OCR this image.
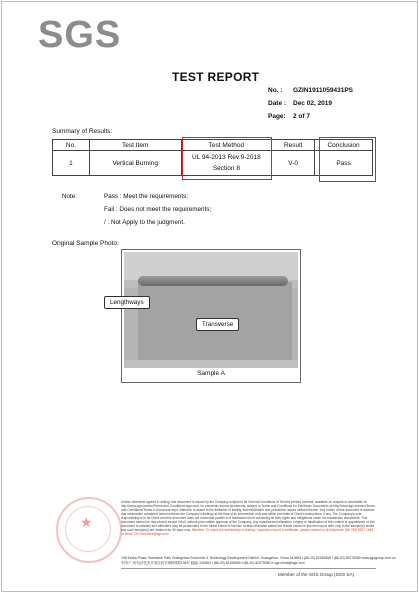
SGS
TEST REPORT
No. :	GZIN1911059431PS
Date :	Dec 02, 2019
Page:	2 of 7
Summary of Results:
No.	Test Item	Test Method	Result	Conclusion
1	Vertical Burning	UL 94-2013 Rev.9-2018
Section 8	V-0	Pass
Note:	Pass : Meet the requirements;
Fail : Does not meet the requirements;
/ : Not Apply to the judgment.
Original Sample Photo:
Lengthways
Transverse
Sample A
★
Unless otherwise agreed in writing, this document is issued by the Company subject to its General Conditions of Service printed overleaf, available on request or accessible at http://www.sgs.com/en/Terms-and-Conditions.aspx and, for electronic format documents, subject to Terms and Conditions for Electronic Documents at http://www.sgs.com/en/Terms-and-Conditions/Terms-e-Document.aspx. Attention is drawn to the limitation of liability, indemnification and jurisdiction issues defined therein. Any holder of this document is advised that information contained hereon reflects the Company's findings at the time of its intervention only and within the limits of Client's instructions, if any. The Company's sole responsibility is to its Client and this document does not exonerate parties to a transaction from exercising all their rights and obligations under the transaction documents. This document cannot be reproduced except in full, without prior written approval of the Company. Any unauthorized alteration, forgery or falsification of the content or appearance of this document is unlawful and offenders may be prosecuted to the fullest extent of the law. Unless otherwise stated the results shown in this test report refer only to the sample(s) tested and such sample(s) are retained for 30 days only. Attention: To check the authenticity of testing / inspection report & certificate, please contact us at telephone: (86-755) 8307 1443, or email: CN.Doccheck@sgs.com
198 Kezhu Road, Scientech Park Guangzhou Economic & Technology Development District, Guangzhou, China 510663 t (86-20) 82155555 f (86-20) 82075080 www.sgsgroup.com.cn
中国·广州·经济技术开发区科学城科珠路198号 邮编: 510663 t (86-20) 82155555 f (86-20) 82075080 e sgs.china@sgs.com
Member of the SGS Group (SGS SA)
